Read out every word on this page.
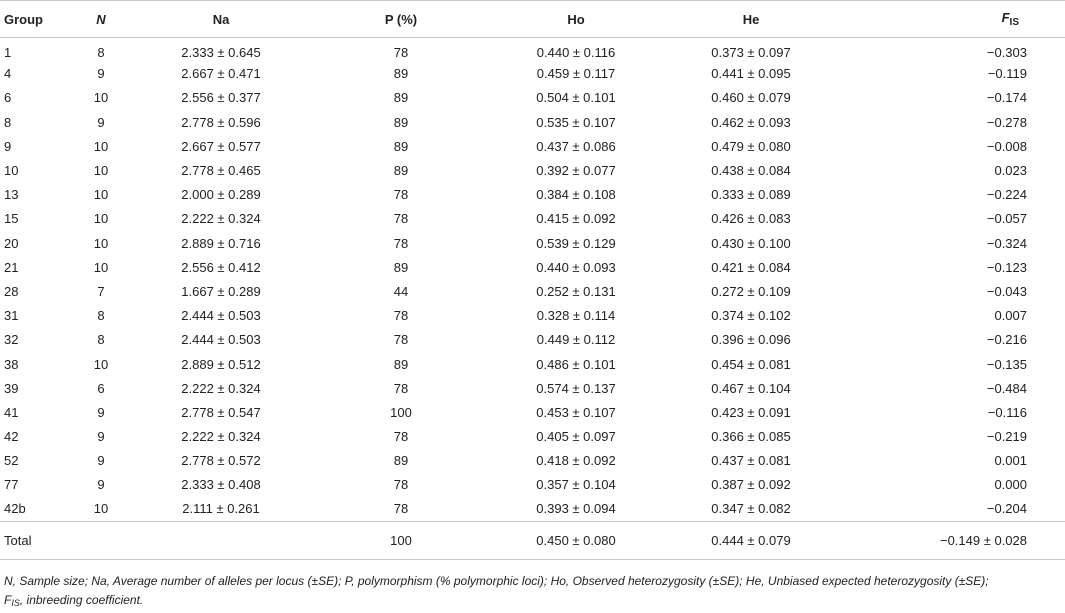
Group	N	Na	P (%)	Ho	He	$F_{IS}$
1	8	2.333 ± 0.645	78	0.440 ± 0.116	0.373 ± 0.097	−0.303
4	9	2.667 ± 0.471	89	0.459 ± 0.117	0.441 ± 0.095	−0.119
6	10	2.556 ± 0.377	89	0.504 ± 0.101	0.460 ± 0.079	−0.174
8	9	2.778 ± 0.596	89	0.535 ± 0.107	0.462 ± 0.093	−0.278
9	10	2.667 ± 0.577	89	0.437 ± 0.086	0.479 ± 0.080	−0.008
10	10	2.778 ± 0.465	89	0.392 ± 0.077	0.438 ± 0.084	0.023
13	10	2.000 ± 0.289	78	0.384 ± 0.108	0.333 ± 0.089	−0.224
15	10	2.222 ± 0.324	78	0.415 ± 0.092	0.426 ± 0.083	−0.057
20	10	2.889 ± 0.716	78	0.539 ± 0.129	0.430 ± 0.100	−0.324
21	10	2.556 ± 0.412	89	0.440 ± 0.093	0.421 ± 0.084	−0.123
28	7	1.667 ± 0.289	44	0.252 ± 0.131	0.272 ± 0.109	−0.043
31	8	2.444 ± 0.503	78	0.328 ± 0.114	0.374 ± 0.102	0.007
32	8	2.444 ± 0.503	78	0.449 ± 0.112	0.396 ± 0.096	−0.216
38	10	2.889 ± 0.512	89	0.486 ± 0.101	0.454 ± 0.081	−0.135
39	6	2.222 ± 0.324	78	0.574 ± 0.137	0.467 ± 0.104	−0.484
41	9	2.778 ± 0.547	100	0.453 ± 0.107	0.423 ± 0.091	−0.116
42	9	2.222 ± 0.324	78	0.405 ± 0.097	0.366 ± 0.085	−0.219
52	9	2.778 ± 0.572	89	0.418 ± 0.092	0.437 ± 0.081	0.001
77	9	2.333 ± 0.408	78	0.357 ± 0.104	0.387 ± 0.092	0.000
42b	10	2.111 ± 0.261	78	0.393 ± 0.094	0.347 ± 0.082	−0.204
Total			100	0.450 ± 0.080	0.444 ± 0.079	−0.149 ± 0.028
N, Sample size; Na, Average number of alleles per locus (±SE); P, polymorphism (% polymorphic loci); Ho, Observed heterozygosity (±SE); He, Unbiased expected heterozygosity (±SE); FIS, inbreeding coefficient.
